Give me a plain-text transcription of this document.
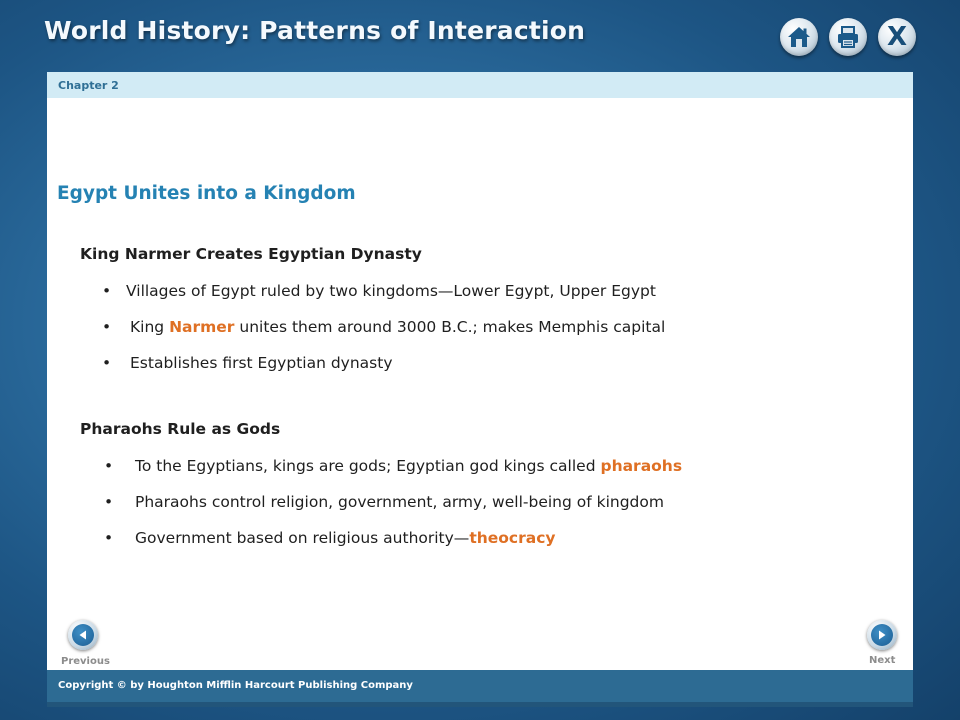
World History: Patterns of Interaction	X
Chapter 2
Egypt Unites into a Kingdom
King Narmer Creates Egyptian Dynasty
• Villages of Egypt ruled by two kingdoms—Lower Egypt, Upper Egypt
• King Narmer unites them around 3000 B.C.; makes Memphis capital
• Establishes first Egyptian dynasty
Pharaohs Rule as Gods
• To the Egyptians, kings are gods; Egyptian god kings called pharaohs
• Pharaohs control religion, government, army, well-being of kingdom
• Government based on religious authority—theocracy
Previous	Next
Copyright © by Houghton Mifflin Harcourt Publishing Company
